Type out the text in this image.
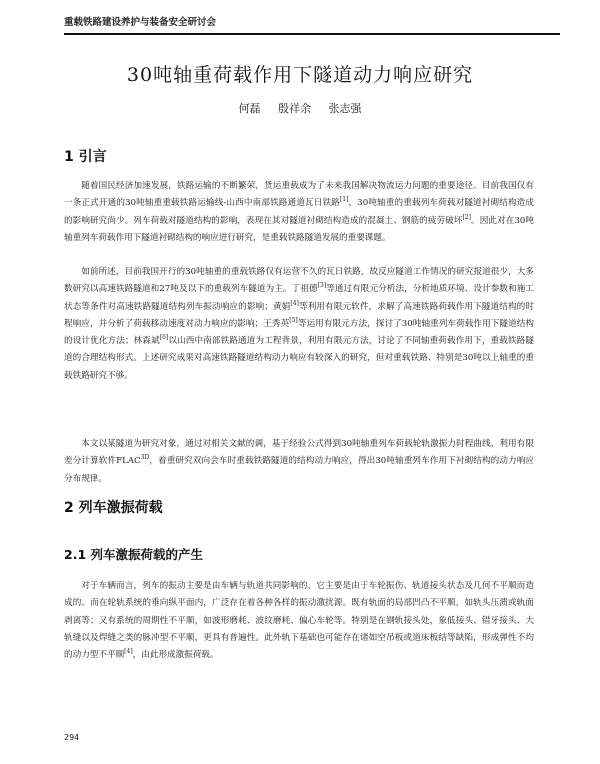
重载铁路建设养护与装备安全研讨会
30吨轴重荷载作用下隧道动力响应研究
何磊 殷祥余 张志强
1 引言

随着国民经济加速发展，铁路运输的不断繁荣，货运重载成为了未来我国解决物流运力问题的重要途径。目前我国仅有一条正式开通的30吨轴重重载铁路运输线-山西中南部铁路通道瓦日铁路[1]，30吨轴重的重载列车荷载对隧道衬砌结构造成的影响研究尚少。列车荷载对隧道结构的影响，表现在其对隧道衬砌结构造成的混凝土、钢筋的疲劳破坏[2]。因此对在30吨轴重列车荷载作用下隧道衬砌结构的响应进行研究，是重载铁路隧道发展的重要课题。

如前所述，目前我国开行的30吨轴重的重载铁路仅有运营不久的瓦日铁路，故反应隧道工作情况的研究报道很少，大多数研究以高速铁路隧道和27吨及以下的重载列车隧道为主。丁祖德[3]等通过有限元分析法，分析地质环境、设计参数和施工状态等条件对高速铁路隧道结构列车振动响应的影响；黄娟[4]等利用有限元软件，求解了高速铁路荷载作用下隧道结构的时程响应，并分析了荷载移动速度对动力响应的影响；王秀英[5]等运用有限元方法，探讨了30吨轴重列车荷载作用下隧道结构的设计优化方法；林森斌[6]以山西中南部铁路通道为工程背景，利用有限元方法，讨论了不同轴重荷载作用下，重载铁路隧道的合理结构形式。上述研究成果对高速铁路隧道结构动力响应有较深入的研究，但对重载铁路、特别是30吨以上轴重的重载铁路研究不够。

本文以某隧道为研究对象，通过对相关文献的调，基于经验公式得到30吨轴重列车荷载轮轨激振力时程曲线，利用有限差分计算软件$FLAC^{3D}$，着重研究双向会车时重载铁路隧道的结构动力响应，得出30吨轴重列车作用下衬砌结构的动力响应分布规律。

2 列车激振荷载
2.1 列车激振荷载的产生

对于车辆而言，列车的振动主要是由车辆与轨道共同影响的，它主要是由于车轮振伤、轨道接头状态及几何不平顺而造成的。而在轮轨系统的垂向纵平面内，广泛存在着各种各样的振动激扰源。既有轨面的局部凹凸不平顺，如轨头压溃或轨面剥离等；又有系统的周期性不平顺，如波形磨耗、波纹磨耗、偏心车轮等。特别是在钢轨接头处，象低接头、错牙接头、大轨缝以及焊缝之类的脉冲型不平顺，更具有普遍性。此外轨下基础也可能存在诸如空吊板或道床板结等缺陷，形成弹性不均的动力型不平顺[4]，由此形成激振荷载。

294
